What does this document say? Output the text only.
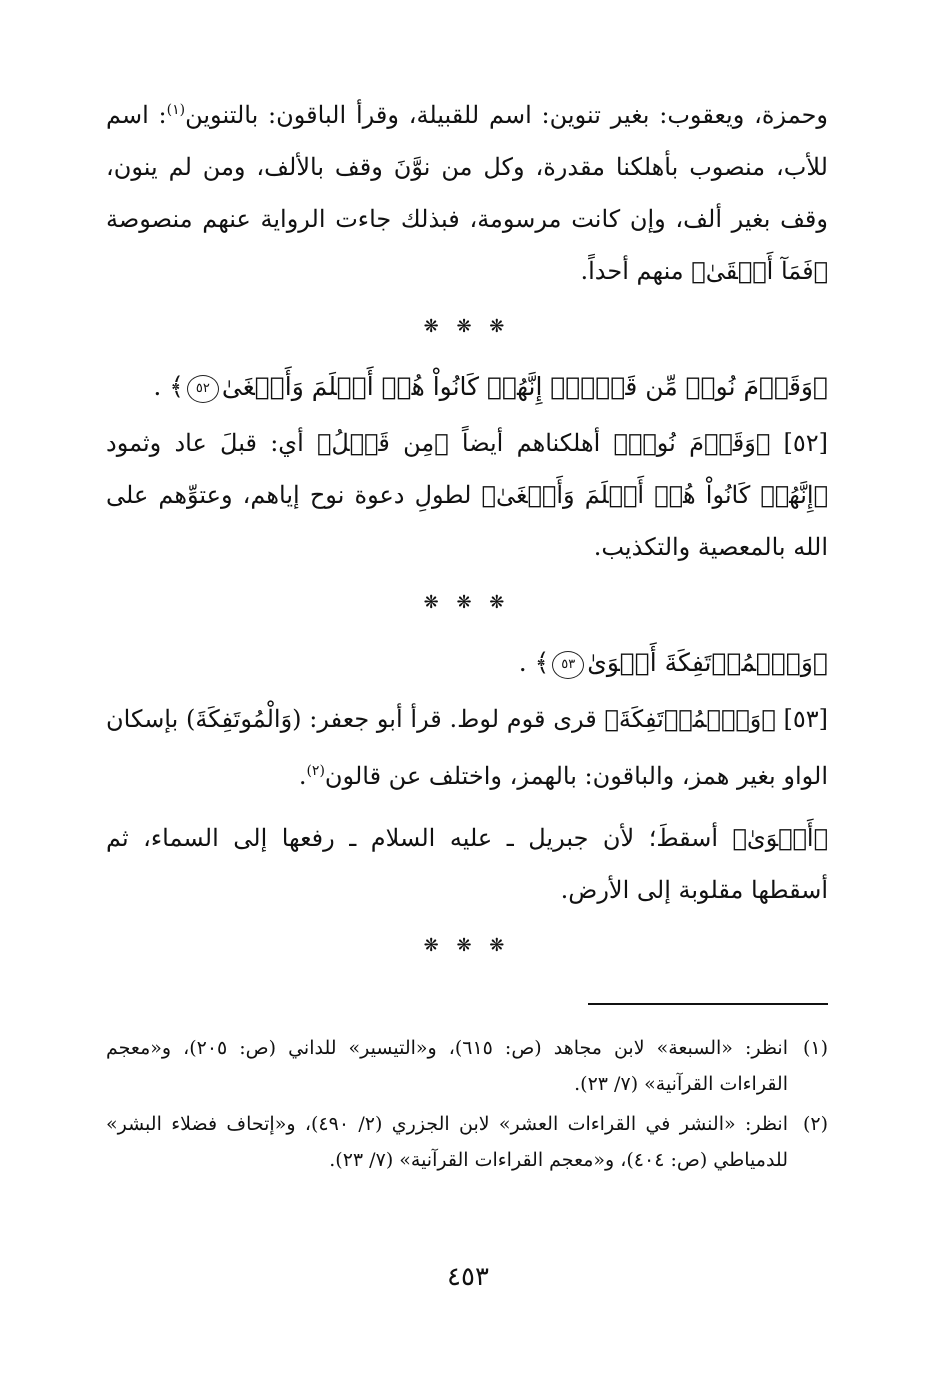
وحمزة، ويعقوب: بغير تنوين: اسم للقبيلة، وقرأ الباقون: بالتنوين$^{(١)}$: اسم للأب، منصوب بأهلكنا مقدرة، وكل من نوَّنَ وقف بالألف، ومن لم ينون، وقف بغير ألف، وإن كانت مرسومة، فبذلك جاءت الرواية عنهم منصوصة ﴿فَمَآ أَبۡقَىٰ﴾ منهم أحداً.

❋ ❋ ❋

﴿وَقَوۡمَ نُوحٖ مِّن قَبۡلُۖ إِنَّهُمۡ كَانُواْ هُمۡ أَظۡلَمَ وَأَطۡغَىٰ٥٢﴾ .

[٥٢] ﴿وَقَوۡمَ نُوحٖ﴾ أهلكناهم أيضاً ﴿مِن قَبۡلُ﴾ أي: قبلَ عاد وثمود ﴿إِنَّهُمۡ كَانُواْ هُمۡ أَظۡلَمَ وَأَطۡغَىٰ﴾ لطولِ دعوة نوح إياهم، وعتوِّهم على الله بالمعصية والتكذيب.

❋ ❋ ❋

﴿وَٱلۡمُؤۡتَفِكَةَ أَهۡوَىٰ٥٣﴾ .

[٥٣] ﴿وَٱلۡمُؤۡتَفِكَةَ﴾ قرى قوم لوط. قرأ أبو جعفر: (وَالْمُوتَفِكَةَ) بإسكان الواو بغير همز، والباقون: بالهمز، واختلف عن قالون$^{(٢)}$.

﴿أَهۡوَىٰ﴾ أسقطَ؛ لأن جبريل ـ عليه السلام ـ رفعها إلى السماء، ثم أسقطها مقلوبة إلى الأرض.

❋ ❋ ❋
(١)
انظر: «السبعة» لابن مجاهد (ص: ٦١٥)، و«التيسير» للداني (ص: ٢٠٥)، و«معجم القراءات القرآنية» (٧/ ٢٣).
(٢)
انظر: «النشر في القراءات العشر» لابن الجزري (٢/ ٤٩٠)، و«إتحاف فضلاء البشر» للدمياطي (ص: ٤٠٤)، و«معجم القراءات القرآنية» (٧/ ٢٣).
٤٥٣
